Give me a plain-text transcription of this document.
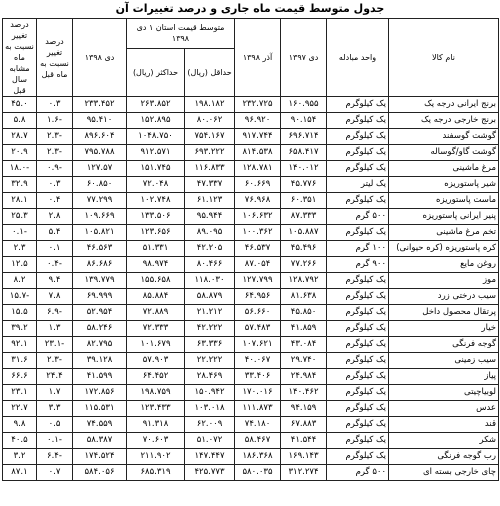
جدول متوسط قیمت ماه جاری و درصد تغییرات آن
نام کالا	واحد مبادله	دی ۱۳۹۷	آذر ۱۳۹۸	متوسط قیمت استان ۱ دی ۱۳۹۸		دی ۱۳۹۸	درصد تغییر نسبت به ماه قبل	درصد تغییر نسبت به ماه مشابه سال قبل
				حداقل (ریال)	حداکثر (ریال)			
برنج ایرانی درجه یک	یک کیلوگرم	۱۶۰.۹۵۵	۲۳۲.۷۲۵	۱۹۸.۱۸۲	۲۶۳.۸۵۲	۲۳۳.۴۵۲	۰.۳	۴۵.۰
برنج خارجی درجه یک	یک کیلوگرم	۹۰.۱۵۴	۹۶.۹۲۰	۸۰.۰۶۲	۱۵۲.۸۹۵	۹۵.۴۱۰	-۱.۶	۵.۸
گوشت گوسفند	یک کیلوگرم	۶۹۶.۷۱۴	۹۱۷.۷۴۴	۷۵۴.۱۶۷	۱۰۴۸.۷۵۰	۸۹۶.۶۰۴	-۲.۳	۲۸.۷
گوشت گاو/گوساله	یک کیلوگرم	۶۵۸.۴۱۷	۸۱۴.۵۳۸	۶۹۳.۲۲۲	۹۱۲.۵۷۱	۷۹۵.۷۸۸	-۲.۳	۲۰.۹
مرغ ماشینی	یک کیلوگرم	۱۴۰.۰۱۲	۱۲۸.۷۸۱	۱۱۶.۸۳۳	۱۵۱.۷۴۵	۱۲۷.۵۷	-۰.۹	-۱۸.۰
شیر پاستوریزه	یک لیتر	۴۵.۷۷۶	۶۰.۶۶۹	۴۷.۳۳۷	۷۲.۰۴۸	۶۰.۸۵۰	۰.۳	۳۲.۹
ماست پاستوریزه	یک کیلوگرم	۶۰.۳۵۱	۷۶.۹۶۸	۶۱.۱۲۳	۱۰۲.۷۴۸	۷۷.۲۹۹	۰.۴	۲۸.۱
پنیر ایرانی پاستوریزه	۵۰۰ گرم	۸۷.۳۳۳	۱۰۶.۶۳۲	۹۵.۹۴۴	۱۳۳.۵۰۶	۱۰۹.۶۶۹	۲.۸	۲۵.۳
تخم مرغ ماشینی	یک کیلوگرم	۱۰۵.۸۸۷	۱۰۰.۳۶۲	۸۹.۰۹۵	۱۲۳.۶۵۶	۱۰۵.۸۲۱	۵.۴	-۰.۱
کره پاستوریزه (کره حیوانی)	۱۰۰ گرم	۴۵.۴۹۶	۴۶.۵۳۷	۴۲.۲۰۵	۵۱.۳۳۱	۴۶.۵۶۳	۰.۱	۲.۳
روغن مایع	۹۰۰ گرم	۷۷.۲۶۶	۸۷.۰۵۴	۸۰.۴۶۶	۹۸.۹۷۴	۸۶.۶۸۶	-۰.۴	۱۲.۵
موز	یک کیلوگرم	۱۲۸.۷۹۲	۱۲۷.۷۹۹	۱۱۸.۰۳۰	۱۵۵.۶۵۸	۱۳۹.۷۷۹	۹.۴	۸.۲
سیب درختی زرد	یک کیلوگرم	۸۱.۶۳۸	۶۴.۹۵۶	۵۸.۸۷۹	۸۵.۸۸۴	۶۹.۹۹۹	۷.۸	-۱۵.۷
پرتقال محصول داخل	یک کیلوگرم	۴۵.۸۵۰	۵۶.۶۶۰	۲۱.۲۱۲	۷۲.۸۸۹	۵۲.۹۵۴	-۶.۹	۱۵.۵
خیار	یک کیلوگرم	۴۱.۸۵۹	۵۷.۴۸۳	۴۲.۲۲۲	۷۲.۳۳۳	۵۸.۲۴۶	۱.۳	۳۹.۲
گوجه فرنگی	یک کیلوگرم	۴۳.۰۸۴	۱۰۷.۶۲۱	۶۳.۳۳۶	۱۰۱.۶۷۹	۸۲.۷۹۵	-۲۳.۱	۹۲.۱
سیب زمینی	یک کیلوگرم	۲۹.۷۴۰	۴۰.۰۶۷	۲۲.۲۲۲	۵۷.۹۰۳	۳۹.۱۲۸	-۲.۳	۳۱.۶
پیاز	یک کیلوگرم	۲۴.۹۸۴	۳۳.۴۰۶	۲۸.۴۶۹	۶۴.۴۵۲	۴۱.۵۹۹	۲۴.۴	۶۶.۶
لوبیاچیتی	یک کیلوگرم	۱۴۰.۴۶۲	۱۷۰.۰۱۶	۱۵۰.۹۴۲	۱۹۸.۷۵۹	۱۷۲.۸۵۶	۱.۷	۲۳.۱
عدس	یک کیلوگرم	۹۴.۱۵۹	۱۱۱.۸۷۳	۱۰۳.۰۱۸	۱۲۳.۴۳۳	۱۱۵.۵۳۱	۳.۳	۲۲.۷
قند	یک کیلوگرم	۶۷.۸۸۳	۷۴.۱۸۰	۶۲.۰۰۹	۹۱.۳۱۸	۷۴.۵۵۹	۰.۵	۹.۸
شکر	یک کیلوگرم	۴۱.۵۴۴	۵۸.۴۶۷	۵۱.۰۷۲	۷۰.۶۰۳	۵۸.۳۸۷	-۰.۱	۴۰.۵
رب گوجه فرنگی	یک کیلوگرم	۱۶۹.۱۴۳	۱۸۶.۳۶۸	۱۴۷.۴۴۷	۲۱۱.۹۰۲	۱۷۴.۵۲۴	-۶.۴	۳.۲
چای خارجی بسته ای	۵۰۰ گرم	۳۱۲.۲۷۴	۵۸۰.۰۳۵	۴۲۵.۷۷۳	۶۸۵.۳۱۹	۵۸۴.۰۵۶	۰.۷	۸۷.۱
